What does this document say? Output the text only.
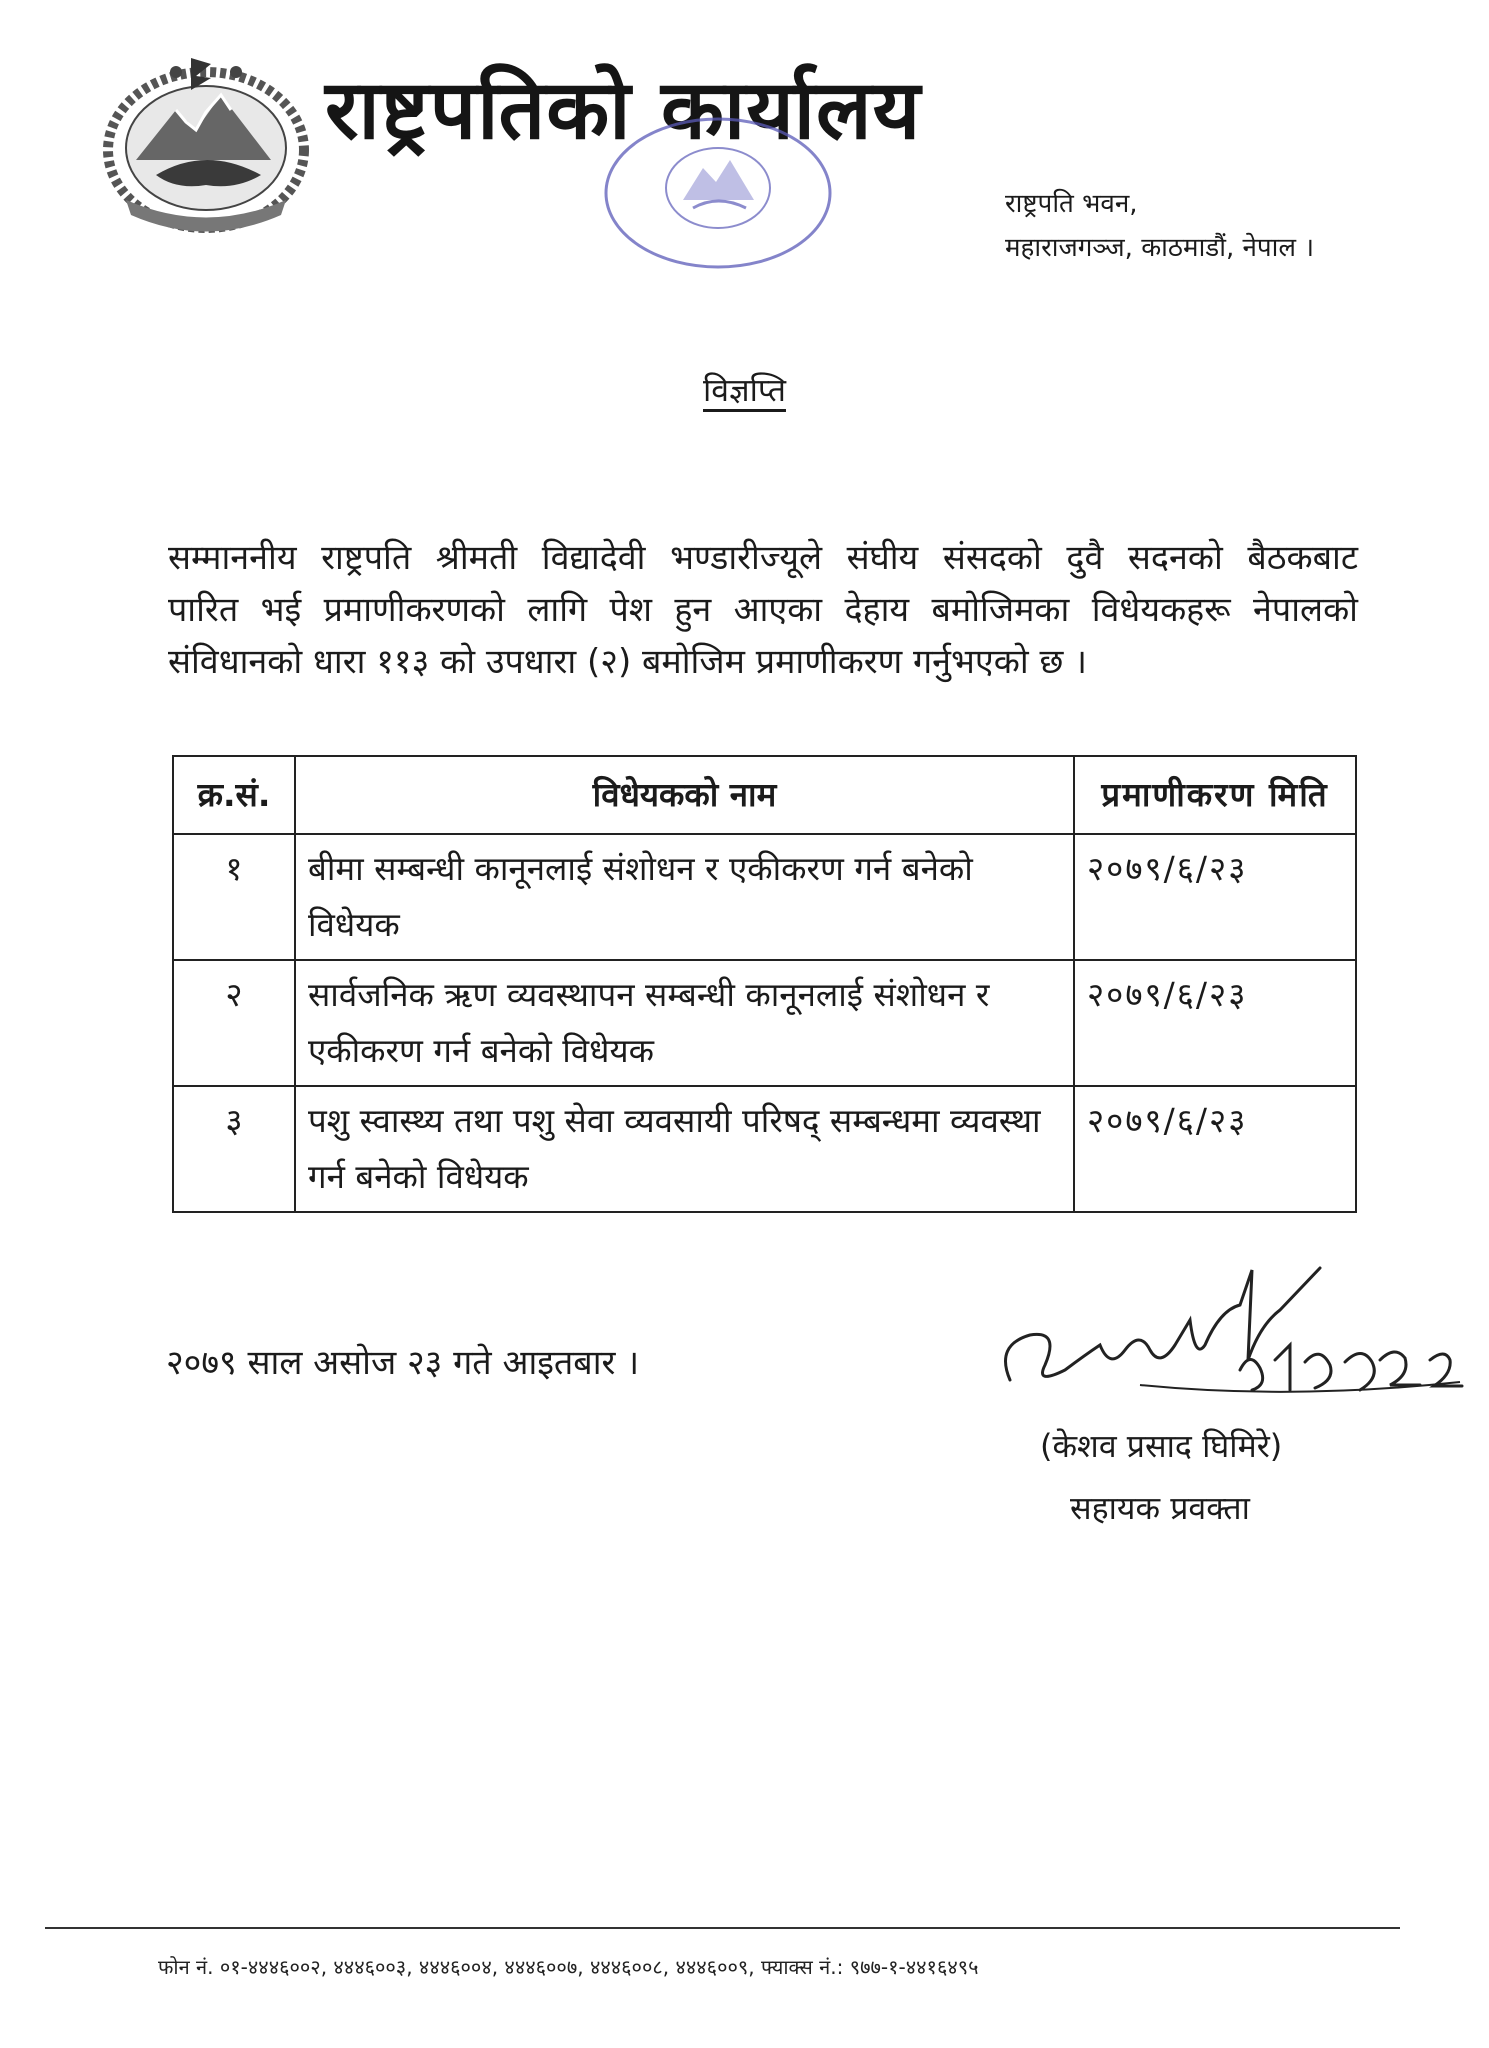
राष्ट्रपतिको कार्यालय
राष्ट्रपति भवन,
महाराजगञ्ज, काठमाडौं, नेपाल ।
विज्ञप्ति
सम्माननीय राष्ट्रपति श्रीमती विद्यादेवी भण्डारीज्यूले संघीय संसदको दुवै सदनको बैठकबाट
पारित भई प्रमाणीकरणको लागि पेश हुन आएका देहाय बमोजिमका विधेयकहरू नेपालको
संविधानको धारा ११३ को उपधारा (२) बमोजिम प्रमाणीकरण गर्नुभएको छ ।
क्र.सं.	विधेयकको नाम	प्रमाणीकरण मिति
१	बीमा सम्बन्धी कानूनलाई संशोधन र एकीकरण गर्न बनेको विधेयक	२०७९/६/२३
२	सार्वजनिक ऋण व्यवस्थापन सम्बन्धी कानूनलाई संशोधन र एकीकरण गर्न बनेको विधेयक	२०७९/६/२३
३	पशु स्वास्थ्य तथा पशु सेवा व्यवसायी परिषद् सम्बन्धमा व्यवस्था गर्न बनेको विधेयक	२०७९/६/२३
२०७९ साल असोज २३ गते आइतबार ।
(केशव प्रसाद घिमिरे)
सहायक प्रवक्ता
फोन नं. ०१-४४४६००२, ४४४६००३, ४४४६००४, ४४४६००७, ४४४६००८, ४४४६००९, फ्याक्स नं.: ९७७-१-४४१६४९५
